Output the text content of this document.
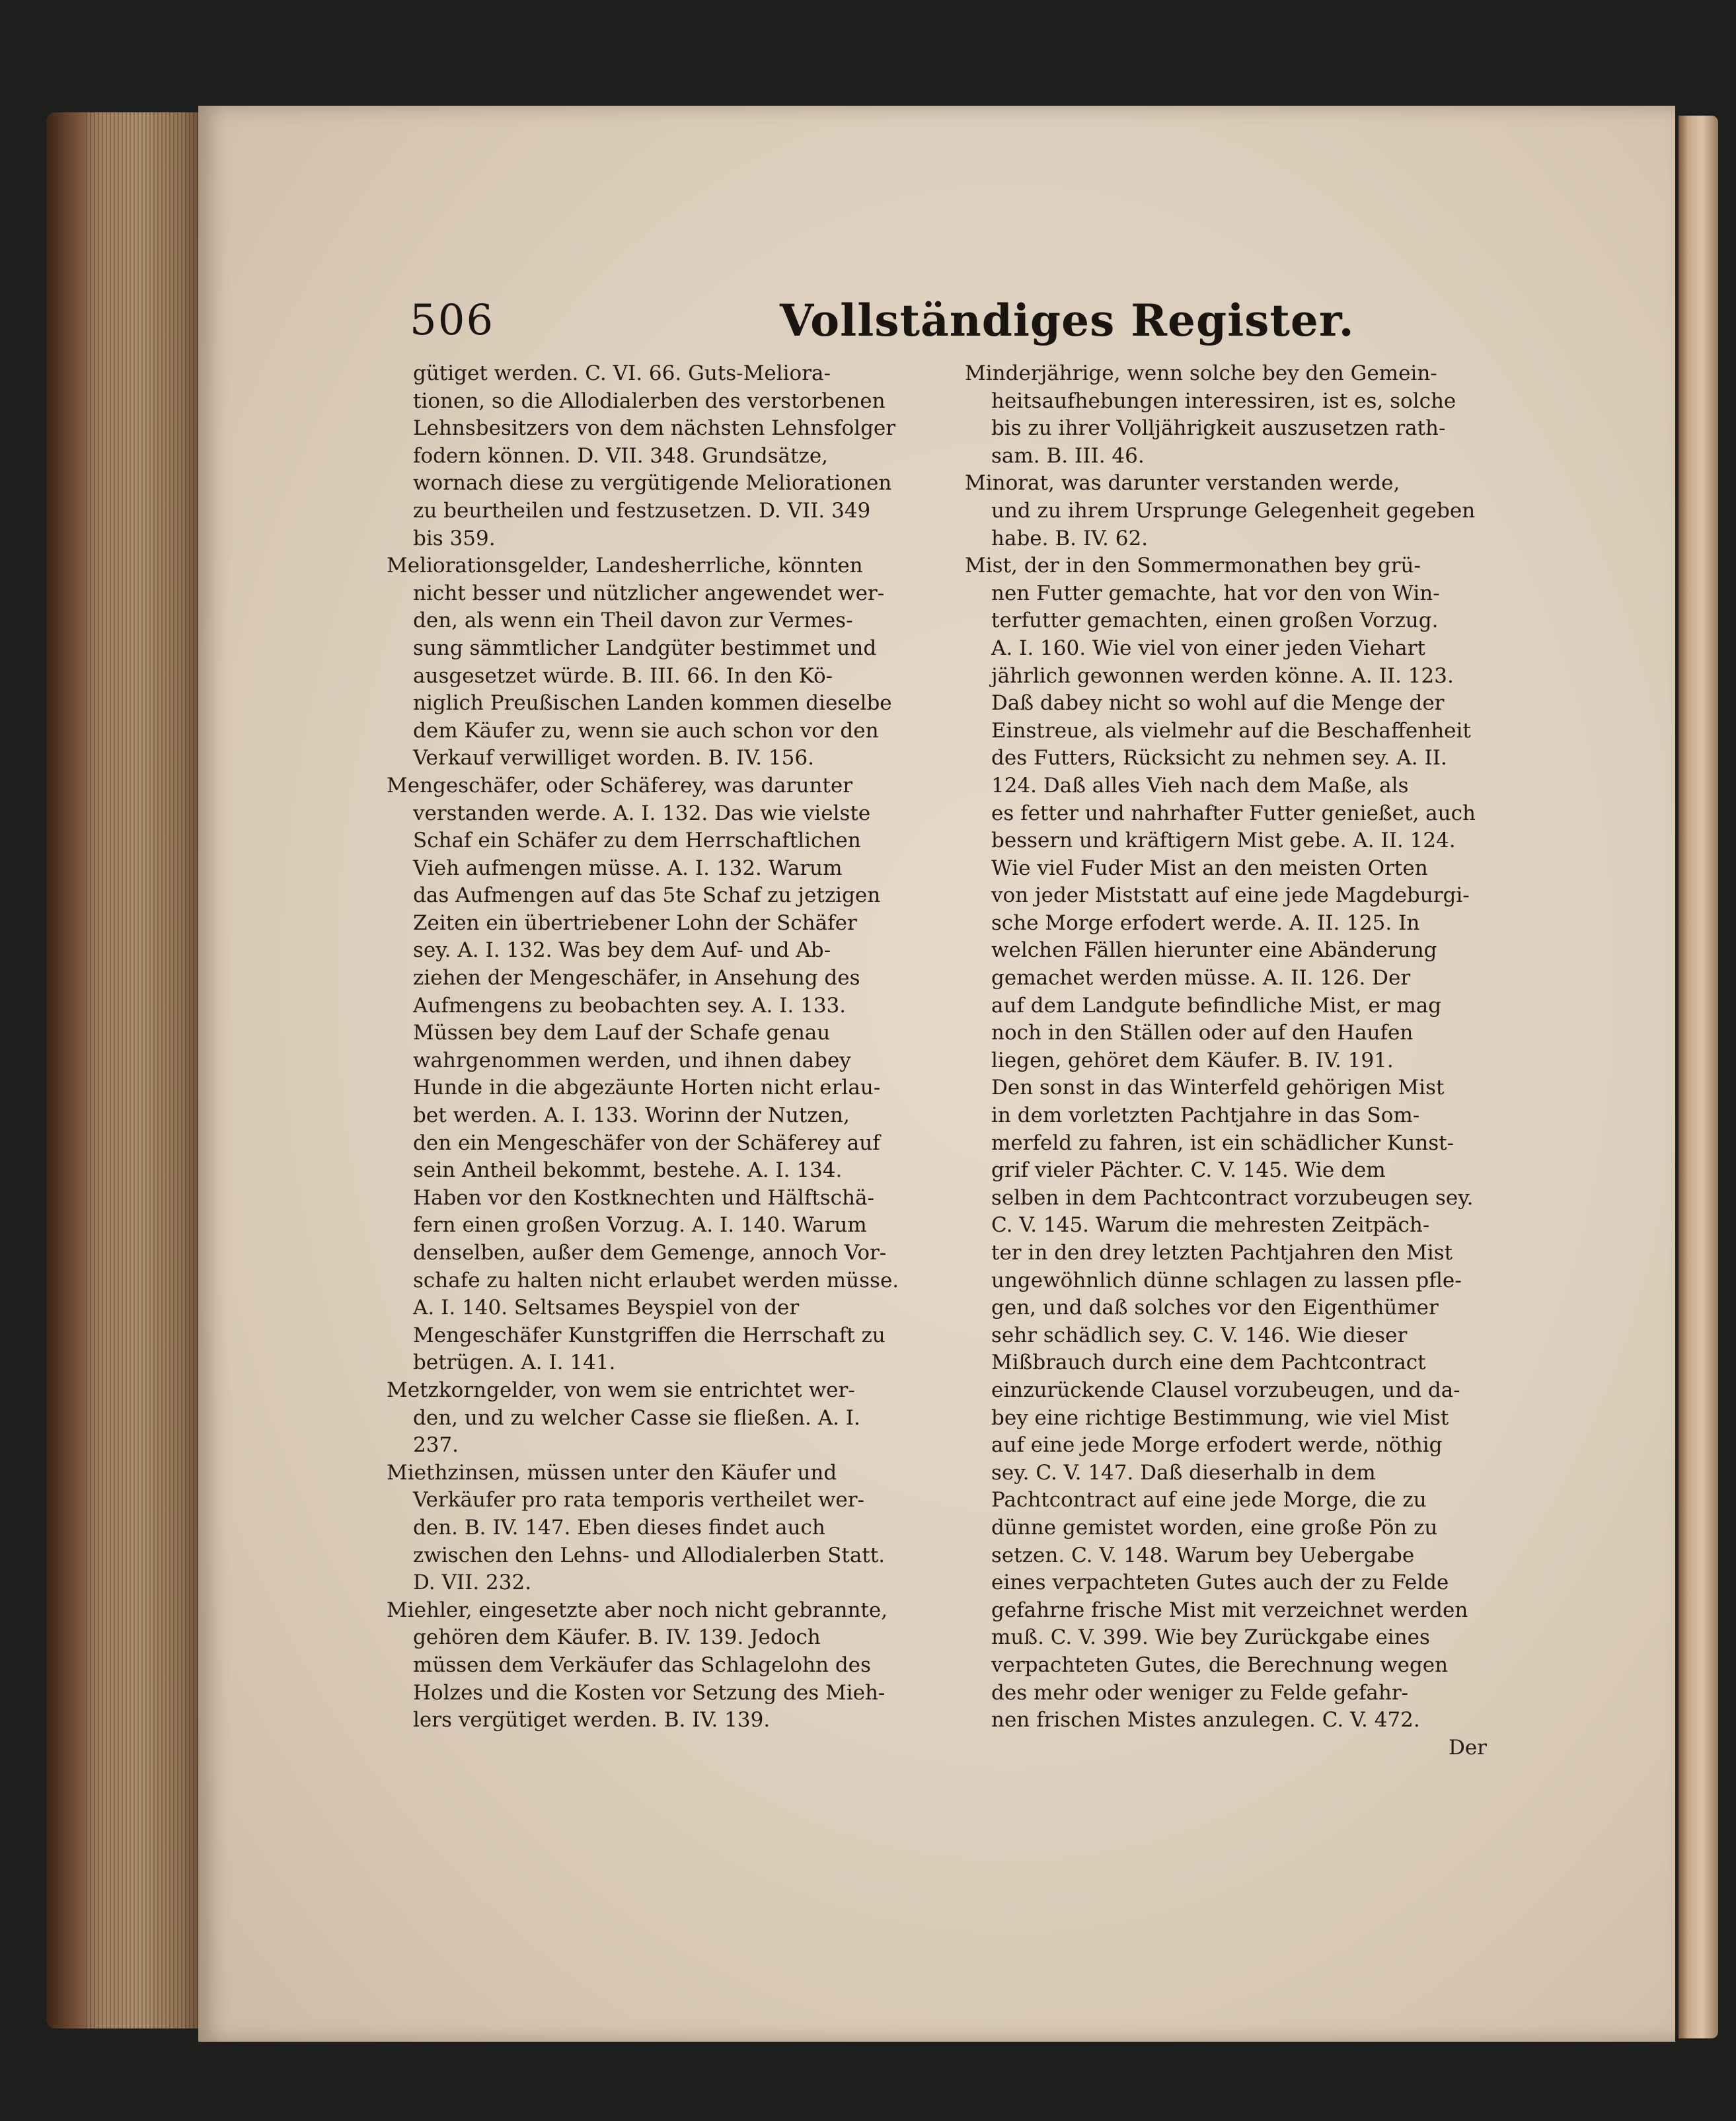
506	Vollständiges Register.
gütiget werden. C. VI. 66. Guts-Meliora-
tionen, so die Allodialerben des verstorbenen
Lehnsbesitzers von dem nächsten Lehnsfolger
fodern können. D. VII. 348. Grundsätze,
wornach diese zu vergütigende Meliorationen
zu beurtheilen und festzusetzen. D. VII. 349
bis 359.
Meliorationsgelder, Landesherrliche, könnten
nicht besser und nützlicher angewendet wer-
den, als wenn ein Theil davon zur Vermes-
sung sämmtlicher Landgüter bestimmet und
ausgesetzet würde. B. III. 66. In den Kö-
niglich Preußischen Landen kommen dieselbe
dem Käufer zu, wenn sie auch schon vor den
Verkauf verwilliget worden. B. IV. 156.
Mengeschäfer, oder Schäferey, was darunter
verstanden werde. A. I. 132. Das wie vielste
Schaf ein Schäfer zu dem Herrschaftlichen
Vieh aufmengen müsse. A. I. 132. Warum
das Aufmengen auf das 5te Schaf zu jetzigen
Zeiten ein übertriebener Lohn der Schäfer
sey. A. I. 132. Was bey dem Auf- und Ab-
ziehen der Mengeschäfer, in Ansehung des
Aufmengens zu beobachten sey. A. I. 133.
Müssen bey dem Lauf der Schafe genau
wahrgenommen werden, und ihnen dabey
Hunde in die abgezäunte Horten nicht erlau-
bet werden. A. I. 133. Worinn der Nutzen,
den ein Mengeschäfer von der Schäferey auf
sein Antheil bekommt, bestehe. A. I. 134.
Haben vor den Kostknechten und Hälftschä-
fern einen großen Vorzug. A. I. 140. Warum
denselben, außer dem Gemenge, annoch Vor-
schafe zu halten nicht erlaubet werden müsse.
A. I. 140. Seltsames Beyspiel von der
Mengeschäfer Kunstgriffen die Herrschaft zu
betrügen. A. I. 141.
Metzkorngelder, von wem sie entrichtet wer-
den, und zu welcher Casse sie fließen. A. I.
237.
Miethzinsen, müssen unter den Käufer und
Verkäufer pro rata temporis vertheilet wer-
den. B. IV. 147. Eben dieses findet auch
zwischen den Lehns- und Allodialerben Statt.
D. VII. 232.
Miehler, eingesetzte aber noch nicht gebrannte,
gehören dem Käufer. B. IV. 139. Jedoch
müssen dem Verkäufer das Schlagelohn des
Holzes und die Kosten vor Setzung des Mieh-
lers vergütiget werden. B. IV. 139.
Minderjährige, wenn solche bey den Gemein-
heitsaufhebungen interessiren, ist es, solche
bis zu ihrer Volljährigkeit auszusetzen rath-
sam. B. III. 46.
Minorat, was darunter verstanden werde,
und zu ihrem Ursprunge Gelegenheit gegeben
habe. B. IV. 62.
Mist, der in den Sommermonathen bey grü-
nen Futter gemachte, hat vor den von Win-
terfutter gemachten, einen großen Vorzug.
A. I. 160. Wie viel von einer jeden Viehart
jährlich gewonnen werden könne. A. II. 123.
Daß dabey nicht so wohl auf die Menge der
Einstreue, als vielmehr auf die Beschaffenheit
des Futters, Rücksicht zu nehmen sey. A. II.
124. Daß alles Vieh nach dem Maße, als
es fetter und nahrhafter Futter genießet, auch
bessern und kräftigern Mist gebe. A. II. 124.
Wie viel Fuder Mist an den meisten Orten
von jeder Miststatt auf eine jede Magdeburgi-
sche Morge erfodert werde. A. II. 125. In
welchen Fällen hierunter eine Abänderung
gemachet werden müsse. A. II. 126. Der
auf dem Landgute befindliche Mist, er mag
noch in den Ställen oder auf den Haufen
liegen, gehöret dem Käufer. B. IV. 191.
Den sonst in das Winterfeld gehörigen Mist
in dem vorletzten Pachtjahre in das Som-
merfeld zu fahren, ist ein schädlicher Kunst-
grif vieler Pächter. C. V. 145. Wie dem
selben in dem Pachtcontract vorzubeugen sey.
C. V. 145. Warum die mehresten Zeitpäch-
ter in den drey letzten Pachtjahren den Mist
ungewöhnlich dünne schlagen zu lassen pfle-
gen, und daß solches vor den Eigenthümer
sehr schädlich sey. C. V. 146. Wie dieser
Mißbrauch durch eine dem Pachtcontract
einzurückende Clausel vorzubeugen, und da-
bey eine richtige Bestimmung, wie viel Mist
auf eine jede Morge erfodert werde, nöthig
sey. C. V. 147. Daß dieserhalb in dem
Pachtcontract auf eine jede Morge, die zu
dünne gemistet worden, eine große Pön zu
setzen. C. V. 148. Warum bey Uebergabe
eines verpachteten Gutes auch der zu Felde
gefahrne frische Mist mit verzeichnet werden
muß. C. V. 399. Wie bey Zurückgabe eines
verpachteten Gutes, die Berechnung wegen
des mehr oder weniger zu Felde gefahr-
nen frischen Mistes anzulegen. C. V. 472.
Der
